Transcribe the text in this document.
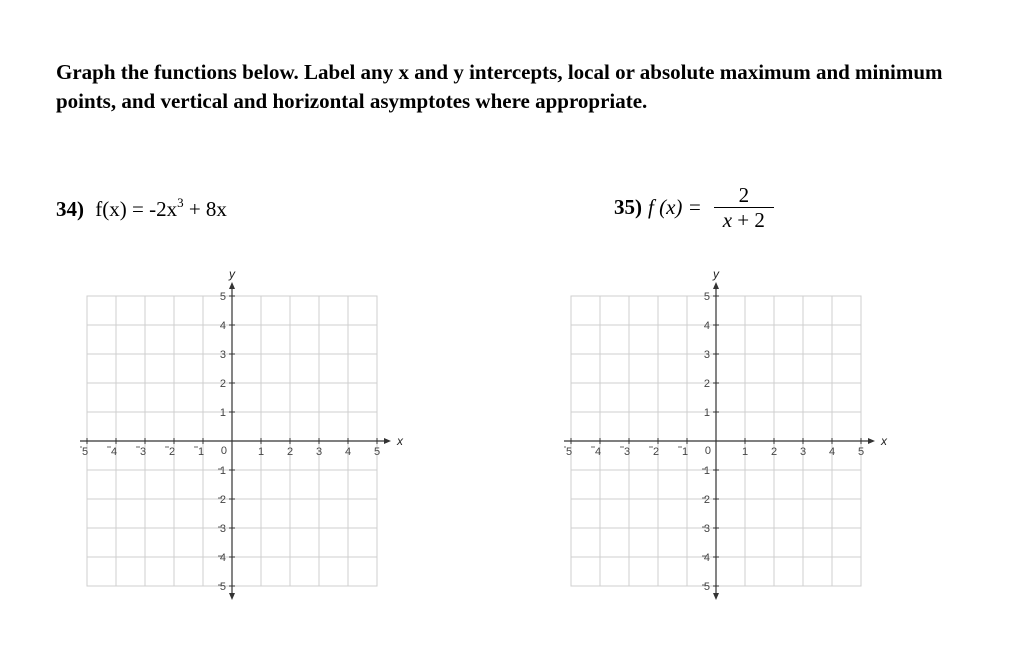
Graph the functions below. Label any x and y intercepts, local or absolute maximum and minimum points, and vertical and horizontal asymptotes where appropriate.

34) $f(x) = -2x^3 + 8x$	35) f $(x) = \frac{2}{x + 2}$
5 4 3 2 1	1 2 3 4 5
5
4
3
2
1
1
2
3
4
5
0
x
y
5 4 3 2 1	1 2 3 4 5
5
4
3
2
1
1
2
3
4
5
0
x
y
